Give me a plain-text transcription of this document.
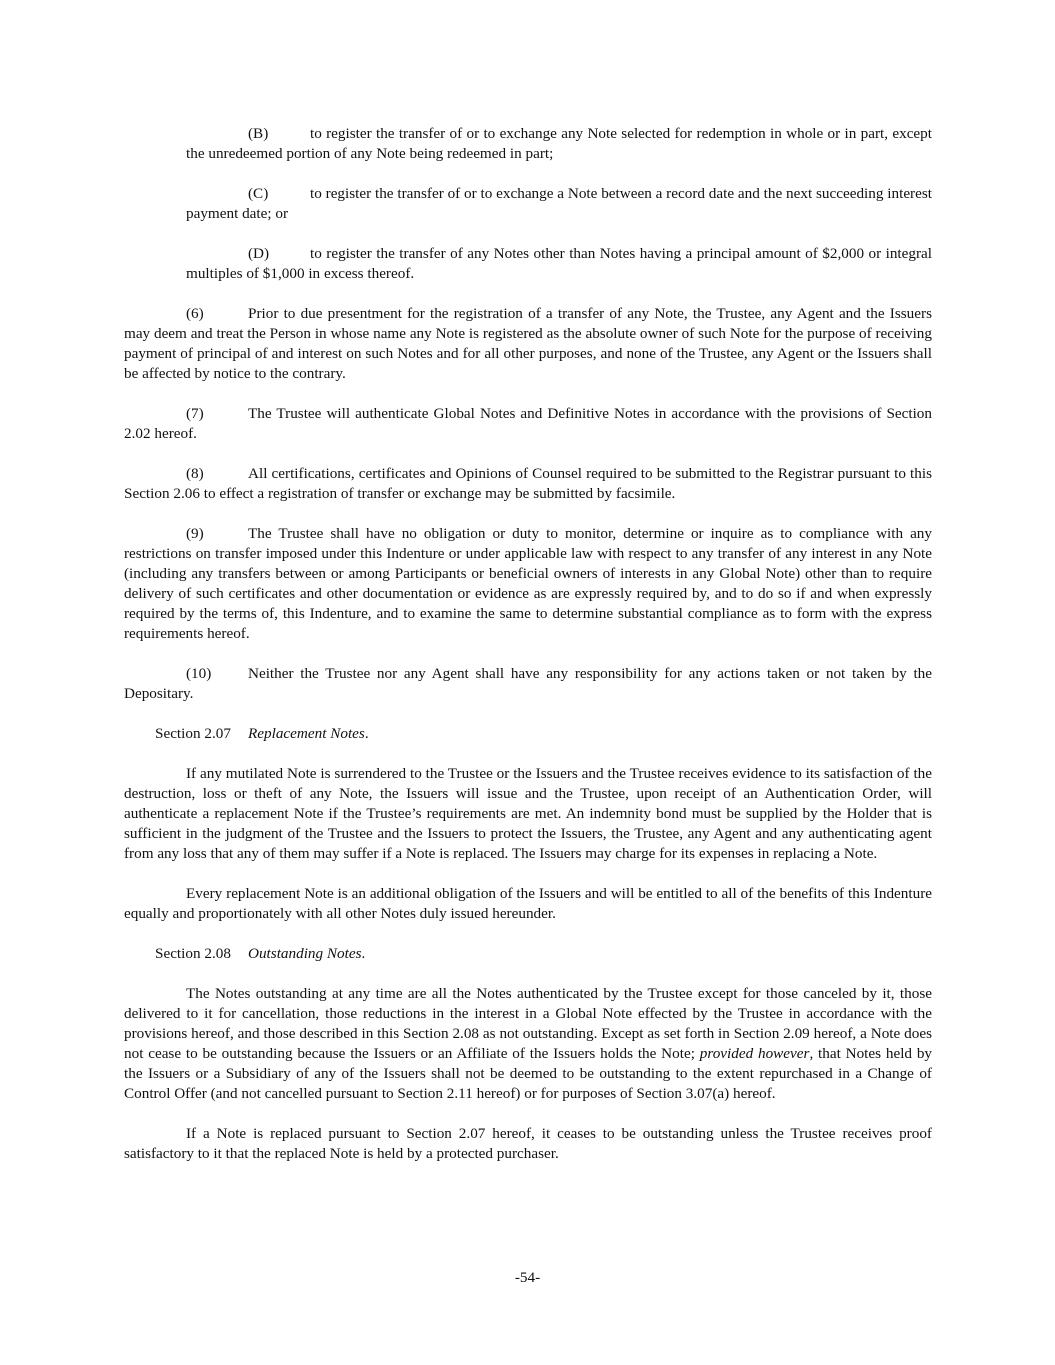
(B)	to register the transfer of or to exchange any Note selected for redemption in whole or in part, except the unredeemed portion of any Note being redeemed in part;

(C)	to register the transfer of or to exchange a Note between a record date and the next succeeding interest payment date; or

(D)	to register the transfer of any Notes other than Notes having a principal amount of $2,000 or integral multiples of $1,000 in excess thereof.

(6)	Prior to due presentment for the registration of a transfer of any Note, the Trustee, any Agent and the Issuers may deem and treat the Person in whose name any Note is registered as the absolute owner of such Note for the purpose of receiving payment of principal of and interest on such Notes and for all other purposes, and none of the Trustee, any Agent or the Issuers shall be affected by notice to the contrary.

(7)	The Trustee will authenticate Global Notes and Definitive Notes in accordance with the provisions of Section 2.02 hereof.

(8)	All certifications, certificates and Opinions of Counsel required to be submitted to the Registrar pursuant to this Section 2.06 to effect a registration of transfer or exchange may be submitted by facsimile.

(9)	The Trustee shall have no obligation or duty to monitor, determine or inquire as to compliance with any restrictions on transfer imposed under this Indenture or under applicable law with respect to any transfer of any interest in any Note (including any transfers between or among Participants or beneficial owners of interests in any Global Note) other than to require delivery of such certificates and other documentation or evidence as are expressly required by, and to do so if and when expressly required by the terms of, this Indenture, and to examine the same to determine substantial compliance as to form with the express requirements hereof.

(10) Neither the Trustee nor any Agent shall have any responsibility for any actions taken or not taken by the Depositary.

Section 2.07 Replacement Notes.

If any mutilated Note is surrendered to the Trustee or the Issuers and the Trustee receives evidence to its satisfaction of the destruction, loss or theft of any Note, the Issuers will issue and the Trustee, upon receipt of an Authentication Order, will authenticate a replacement Note if the Trustee’s requirements are met. An indemnity bond must be supplied by the Holder that is sufficient in the judgment of the Trustee and the Issuers to protect the Issuers, the Trustee, any Agent and any authenticating agent from any loss that any of them may suffer if a Note is replaced. The Issuers may charge for its expenses in replacing a Note.

Every replacement Note is an additional obligation of the Issuers and will be entitled to all of the benefits of this Indenture equally and proportionately with all other Notes duly issued hereunder.

Section 2.08 Outstanding Notes.

The Notes outstanding at any time are all the Notes authenticated by the Trustee except for those canceled by it, those delivered to it for cancellation, those reductions in the interest in a Global Note effected by the Trustee in accordance with the provisions hereof, and those described in this Section 2.08 as not outstanding. Except as set forth in Section 2.09 hereof, a Note does not cease to be outstanding because the Issuers or an Affiliate of the Issuers holds the Note; provided however, that Notes held by the Issuers or a Subsidiary of any of the Issuers shall not be deemed to be outstanding to the extent repurchased in a Change of Control Offer (and not cancelled pursuant to Section 2.11 hereof) or for purposes of Section 3.07(a) hereof.

If a Note is replaced pursuant to Section 2.07 hereof, it ceases to be outstanding unless the Trustee receives proof satisfactory to it that the replaced Note is held by a protected purchaser.

-54-
